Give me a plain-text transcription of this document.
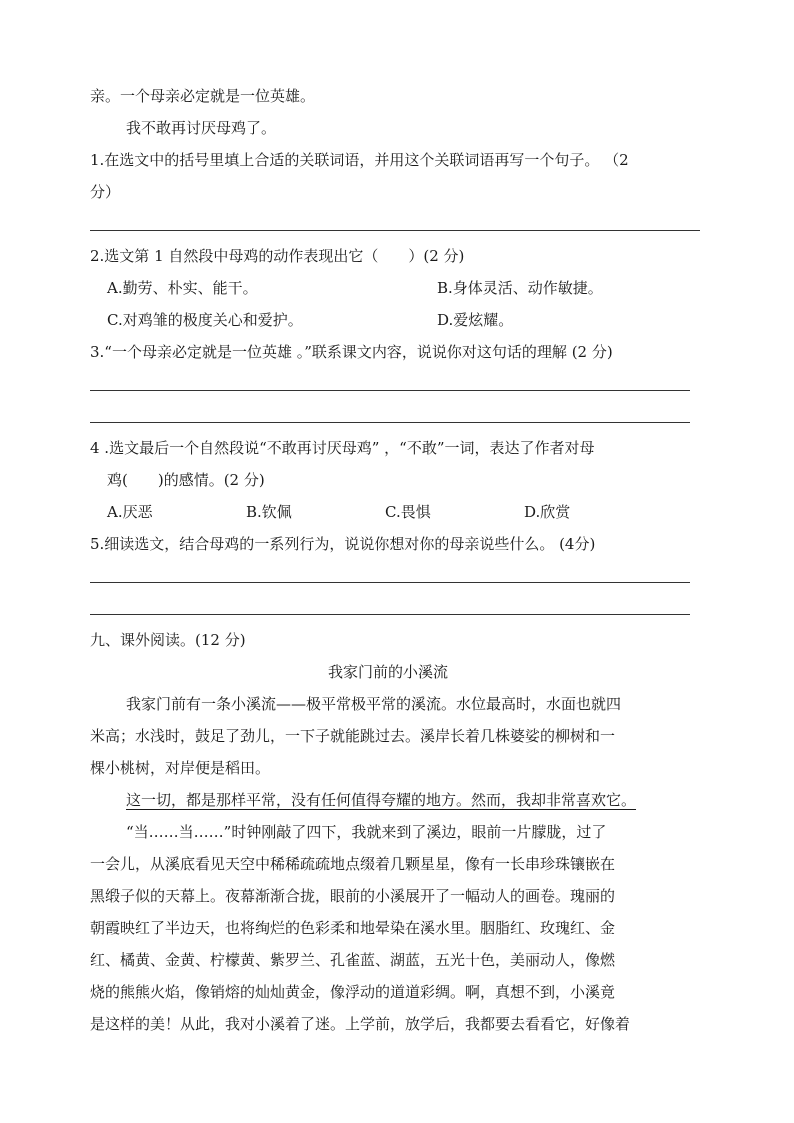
亲。一个母亲必定就是一位英雄。
我不敢再讨厌母鸡了。
1.在选文中的括号里填上合适的关联词语，并用这个关联词语再写一个句子。 （2
分）
2.选文第 1 自然段中母鸡的动作表现出它（　　）(2 分)
A.勤劳、朴实、能干。	B.身体灵活、动作敏捷。
C.对鸡雏的极度关心和爱护。	D.爱炫耀。
3.“一个母亲必定就是一位英雄 。”联系课文内容，说说你对这句话的理解 (2 分)
4 .选文最后一个自然段说“不敢再讨厌母鸡” ，“不敢”一词，表达了作者对母
鸡(　　)的感情。(2 分)
A.厌恶	B.钦佩	C.畏惧	D.欣赏
5.细读选文，结合母鸡的一系列行为，说说你想对你的母亲说些什么。 (4分)
九、课外阅读。(12 分)
我家门前的小溪流
我家门前有一条小溪流——极平常极平常的溪流。水位最高时，水面也就四
米高；水浅时，鼓足了劲儿，一下子就能跳过去。溪岸长着几株婆娑的柳树和一
棵小桃树，对岸便是稻田。
这一切，都是那样平常，没有任何值得夸耀的地方。然而，我却非常喜欢它。
“当……当……”时钟刚敲了四下，我就来到了溪边，眼前一片朦胧，过了
一会儿，从溪底看见天空中稀稀疏疏地点缀着几颗星星，像有一长串珍珠镶嵌在
黑缎子似的天幕上。夜幕渐渐合拢，眼前的小溪展开了一幅动人的画卷。瑰丽的
朝霞映红了半边天，也将绚烂的色彩柔和地晕染在溪水里。胭脂红、玫瑰红、金
红、橘黄、金黄、柠檬黄、紫罗兰、孔雀蓝、湖蓝，五光十色，美丽动人，像燃
烧的熊熊火焰，像销熔的灿灿黄金，像浮动的道道彩绸。啊，真想不到，小溪竟
是这样的美！从此，我对小溪着了迷。上学前，放学后，我都要去看看它，好像着
